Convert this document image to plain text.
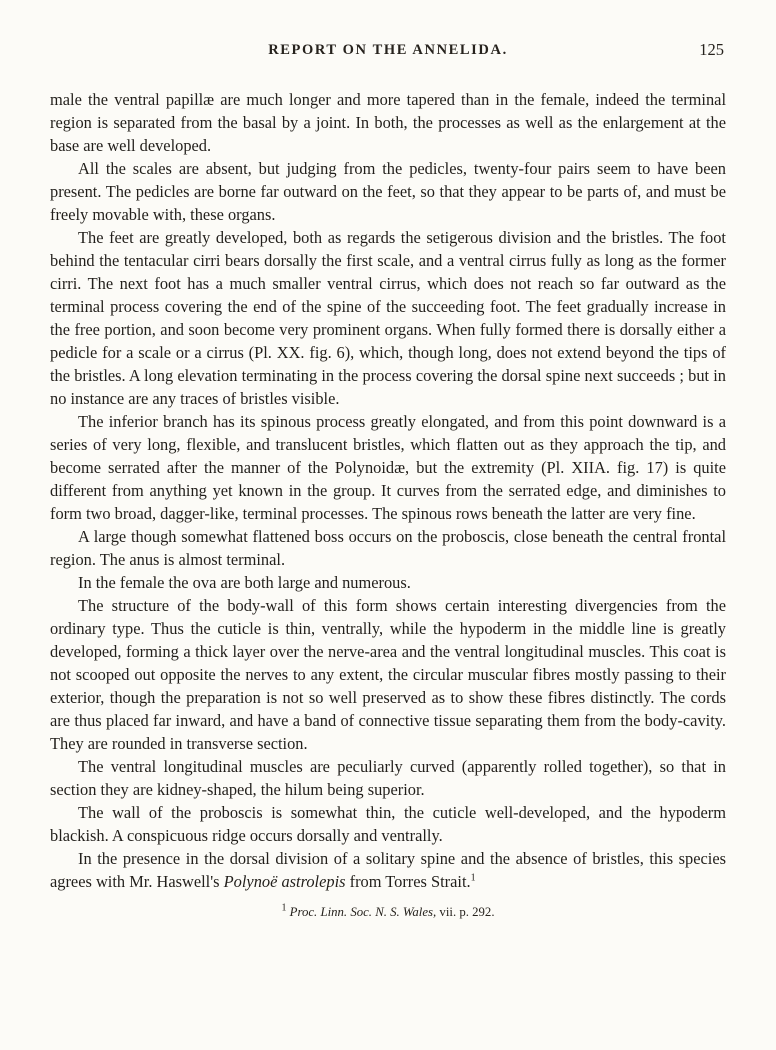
REPORT ON THE ANNELIDA.	125

male the ventral papillæ are much longer and more tapered than in the female, indeed the terminal region is separated from the basal by a joint. In both, the processes as well as the enlargement at the base are well developed.

All the scales are absent, but judging from the pedicles, twenty-four pairs seem to have been present. The pedicles are borne far outward on the feet, so that they appear to be parts of, and must be freely movable with, these organs.

The feet are greatly developed, both as regards the setigerous division and the bristles. The foot behind the tentacular cirri bears dorsally the first scale, and a ventral cirrus fully as long as the former cirri. The next foot has a much smaller ventral cirrus, which does not reach so far outward as the terminal process covering the end of the spine of the succeeding foot. The feet gradually increase in the free portion, and soon become very prominent organs. When fully formed there is dorsally either a pedicle for a scale or a cirrus (Pl. XX. fig. 6), which, though long, does not extend beyond the tips of the bristles. A long elevation terminating in the process covering the dorsal spine next succeeds ; but in no instance are any traces of bristles visible.

The inferior branch has its spinous process greatly elongated, and from this point downward is a series of very long, flexible, and translucent bristles, which flatten out as they approach the tip, and become serrated after the manner of the Polynoidæ, but the extremity (Pl. XIIA. fig. 17) is quite different from anything yet known in the group. It curves from the serrated edge, and diminishes to form two broad, dagger-like, terminal processes. The spinous rows beneath the latter are very fine.

A large though somewhat flattened boss occurs on the proboscis, close beneath the central frontal region. The anus is almost terminal.

In the female the ova are both large and numerous.

The structure of the body-wall of this form shows certain interesting divergencies from the ordinary type. Thus the cuticle is thin, ventrally, while the hypoderm in the middle line is greatly developed, forming a thick layer over the nerve-area and the ventral longitudinal muscles. This coat is not scooped out opposite the nerves to any extent, the circular muscular fibres mostly passing to their exterior, though the preparation is not so well preserved as to show these fibres distinctly. The cords are thus placed far inward, and have a band of connective tissue separating them from the body-cavity. They are rounded in transverse section.

The ventral longitudinal muscles are peculiarly curved (apparently rolled together), so that in section they are kidney-shaped, the hilum being superior.

The wall of the proboscis is somewhat thin, the cuticle well-developed, and the hypoderm blackish. A conspicuous ridge occurs dorsally and ventrally.

In the presence in the dorsal division of a solitary spine and the absence of bristles, this species agrees with Mr. Haswell's Polynoë astrolepis from Torres Strait.$^1$

$^1$ Proc. Linn. Soc. N. S. Wales, vii. p. 292.
